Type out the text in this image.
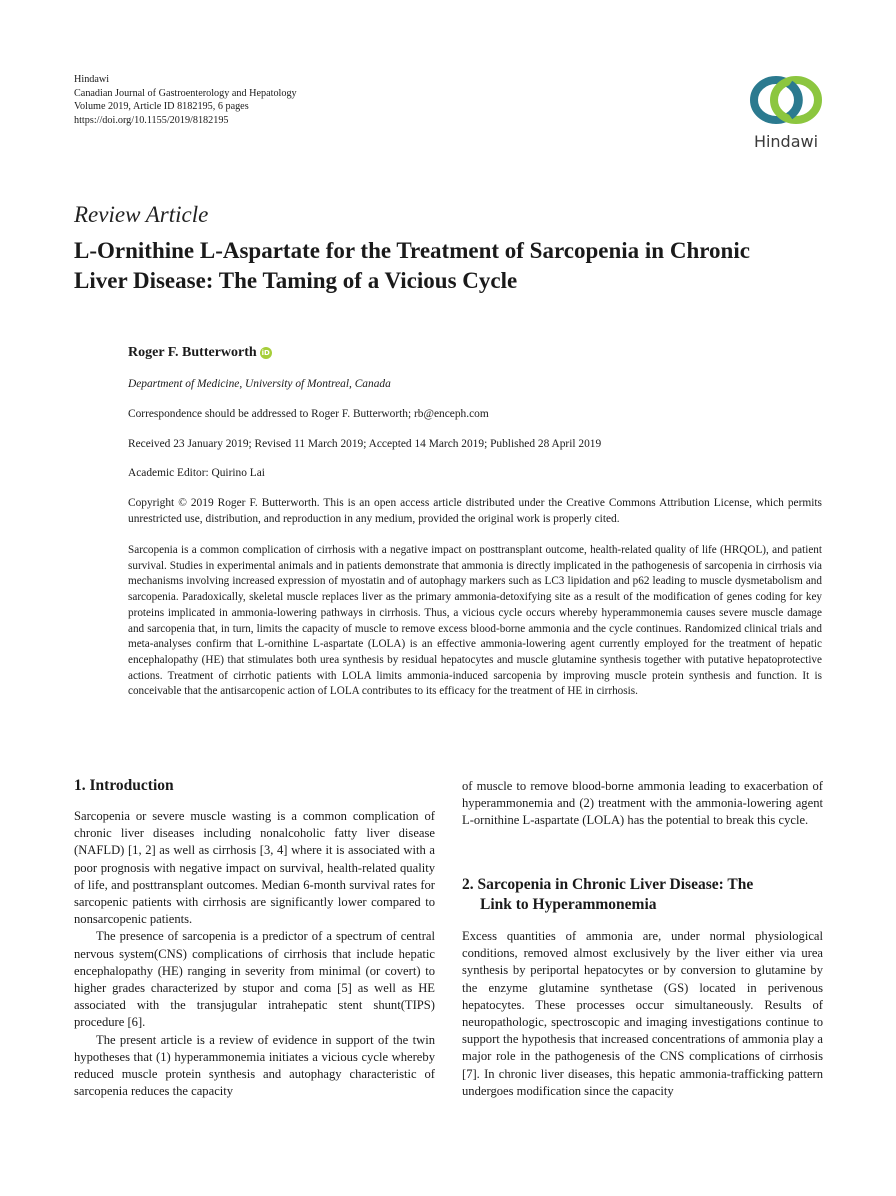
Hindawi
Canadian Journal of Gastroenterology and Hepatology
Volume 2019, Article ID 8182195, 6 pages
https://doi.org/10.1155/2019/8182195
Hindawi
Review Article
L-Ornithine L-Aspartate for the Treatment of Sarcopenia in Chronic Liver Disease: The Taming of a Vicious Cycle
Roger F. Butterworth iD
Department of Medicine, University of Montreal, Canada
Correspondence should be addressed to Roger F. Butterworth; rb@enceph.com
Received 23 January 2019; Revised 11 March 2019; Accepted 14 March 2019; Published 28 April 2019
Academic Editor: Quirino Lai
Copyright © 2019 Roger F. Butterworth. This is an open access article distributed under the Creative Commons Attribution License, which permits unrestricted use, distribution, and reproduction in any medium, provided the original work is properly cited.
Sarcopenia is a common complication of cirrhosis with a negative impact on posttransplant outcome, health-related quality of life (HRQOL), and patient survival. Studies in experimental animals and in patients demonstrate that ammonia is directly implicated in the pathogenesis of sarcopenia in cirrhosis via mechanisms involving increased expression of myostatin and of autophagy markers such as LC3 lipidation and p62 leading to muscle dysmetabolism and sarcopenia. Paradoxically, skeletal muscle replaces liver as the primary ammonia-detoxifying site as a result of the modification of genes coding for key proteins implicated in ammonia-lowering pathways in cirrhosis. Thus, a vicious cycle occurs whereby hyperammonemia causes severe muscle damage and sarcopenia that, in turn, limits the capacity of muscle to remove excess blood-borne ammonia and the cycle continues. Randomized clinical trials and meta-analyses confirm that L-ornithine L-aspartate (LOLA) is an effective ammonia-lowering agent currently employed for the treatment of hepatic encephalopathy (HE) that stimulates both urea synthesis by residual hepatocytes and muscle glutamine synthesis together with putative hepatoprotective actions. Treatment of cirrhotic patients with LOLA limits ammonia-induced sarcopenia by improving muscle protein synthesis and function. It is conceivable that the antisarcopenic action of LOLA contributes to its efficacy for the treatment of HE in cirrhosis.
1. Introduction

Sarcopenia or severe muscle wasting is a common complication of chronic liver diseases including nonalcoholic fatty liver disease (NAFLD) [1, 2] as well as cirrhosis [3, 4] where it is associated with a poor prognosis with negative impact on survival, health-related quality of life, and posttransplant outcomes. Median 6-month survival rates for sarcopenic patients with cirrhosis are significantly lower compared to nonsarcopenic patients.

The presence of sarcopenia is a predictor of a spectrum of central nervous system(CNS) complications of cirrhosis that include hepatic encephalopathy (HE) ranging in severity from minimal (or covert) to higher grades characterized by stupor and coma [5] as well as HE associated with the transjugular intrahepatic stent shunt(TIPS) procedure [6].

The present article is a review of evidence in support of the twin hypotheses that (1) hyperammonemia initiates a vicious cycle whereby reduced muscle protein synthesis and autophagy characteristic of sarcopenia reduces the capacity

of muscle to remove blood-borne ammonia leading to exacerbation of hyperammonemia and (2) treatment with the ammonia-lowering agent L-ornithine L-aspartate (LOLA) has the potential to break this cycle.

2. Sarcopenia in Chronic Liver Disease: The
Link to Hyperammonemia

Excess quantities of ammonia are, under normal physiological conditions, removed almost exclusively by the liver either via urea synthesis by periportal hepatocytes or by conversion to glutamine by the enzyme glutamine synthetase (GS) located in perivenous hepatocytes. These processes occur simultaneously. Results of neuropathologic, spectroscopic and imaging investigations continue to support the hypothesis that increased concentrations of ammonia play a major role in the pathogenesis of the CNS complications of cirrhosis [7]. In chronic liver diseases, this hepatic ammonia-trafficking pattern undergoes modification since the capacity
